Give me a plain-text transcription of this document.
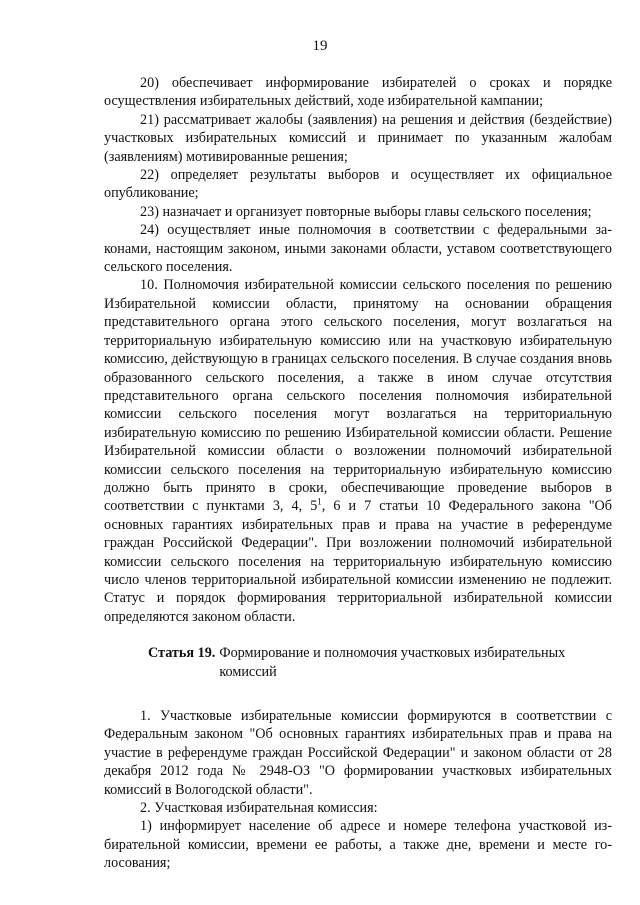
19

20) обеспечивает информирование избирателей о сроках и порядке осуществления избирательных действий, ходе избирательной кампании;

21) рассматривает жалобы (заявления) на решения и действия (бездействие) участковых избирательных комиссий и принимает по указанным жалобам (заявлениям) мотивированные решения;

22) определяет результаты выборов и осуществляет их официальное опубликование;

23) назначает и организует повторные выборы главы сельского поселения;

24) осуществляет иные полномочия в соответствии с федеральными законами, настоящим законом, иными законами области, уставом соответствующего сельского поселения.

10. Полномочия избирательной комиссии сельского поселения по решению Избирательной комиссии области, принятому на основании обращения представительного органа этого сельского поселения, могут возлагаться на территориальную избирательную комиссию или на участковую избирательную комиссию, действующую в границах сельского поселения. В случае создания вновь образованного сельского поселения, а также в ином случае отсутствия представительного органа сельского поселения полномочия избирательной комиссии сельского поселения могут возлагаться на территориальную избирательную комиссию по решению Избирательной комиссии области. Решение Избирательной комиссии области о возложении полномочий избирательной комиссии сельского поселения на территориальную избирательную комиссию должно быть принято в сроки, обеспечивающие проведение выборов в соответствии с пунктами 3, 4, $5^1$, 6 и 7 статьи 10 Федерального закона "Об основных гарантиях избирательных прав и права на участие в референдуме граждан Российской Федерации". При возложении полномочий избирательной комиссии сельского поселения на территориальную избирательную комиссию число членов территориальной избирательной комиссии изменению не подлежит. Статус и порядок формирования территориальной избирательной комиссии определяются законом области.

Статья 19. Формирование и полномочия участковых избирательных комиссий

1. Участковые избирательные комиссии формируются в соответствии с Федеральным законом "Об основных гарантиях избирательных прав и права на участие в референдуме граждан Российской Федерации" и законом области от 28 декабря 2012 года № 2948-ОЗ "О формировании участковых избирательных комиссий в Вологодской области".

2. Участковая избирательная комиссия:

1) информирует население об адресе и номере телефона участковой избирательной комиссии, времени ее работы, а также дне, времени и месте голосования;
